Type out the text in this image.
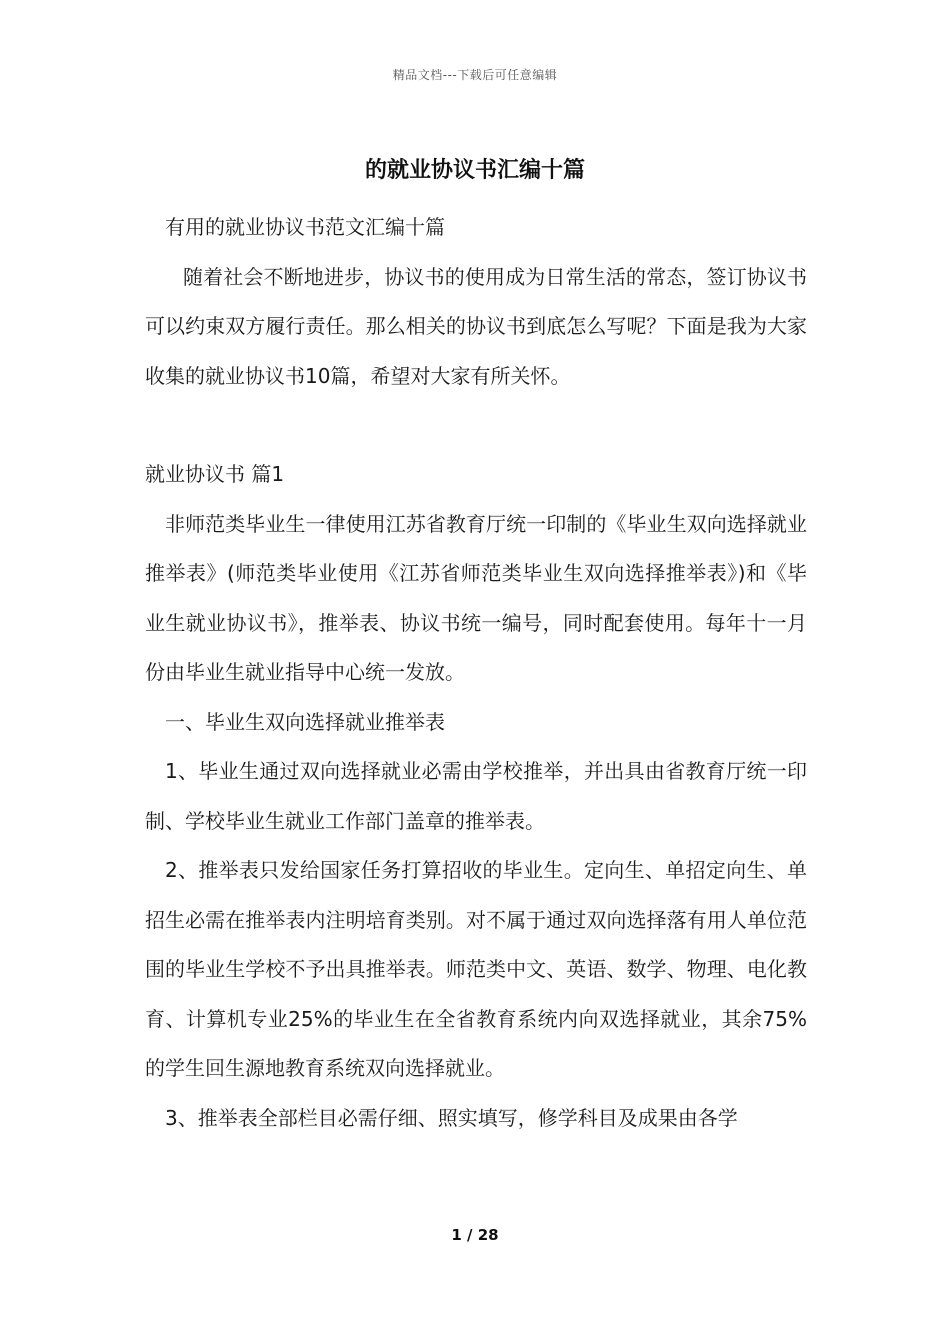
精品文档---下载后可任意编辑
的就业协议书汇编十篇

有用的就业协议书范文汇编十篇

随着社会不断地进步，协议书的使用成为日常生活的常态，签订协议书可以约束双方履行责任。那么相关的协议书到底怎么写呢？下面是我为大家收集的就业协议书10篇，希望对大家有所关怀。

就业协议书 篇1

非师范类毕业生一律使用江苏省教育厅统一印制的《毕业生双向选择就业推举表》(师范类毕业使用《江苏省师范类毕业生双向选择推举表》)和《毕业生就业协议书》，推举表、协议书统一编号，同时配套使用。每年十一月份由毕业生就业指导中心统一发放。

一、毕业生双向选择就业推举表

1、毕业生通过双向选择就业必需由学校推举，并出具由省教育厅统一印制、学校毕业生就业工作部门盖章的推举表。

2、推举表只发给国家任务打算招收的毕业生。定向生、单招定向生、单招生必需在推举表内注明培育类别。对不属于通过双向选择落有用人单位范围的毕业生学校不予出具推举表。师范类中文、英语、数学、物理、电化教育、计算机专业25%的毕业生在全省教育系统内向双选择就业，其余75%的学生回生源地教育系统双向选择就业。

3、推举表全部栏目必需仔细、照实填写，修学科目及成果由各学

1 / 28
